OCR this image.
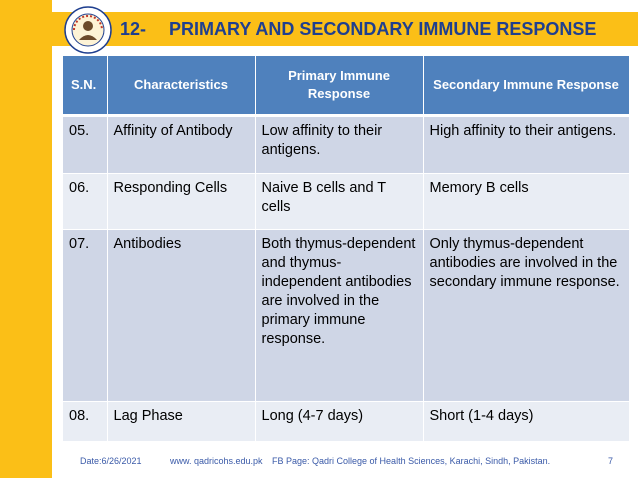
12- PRIMARY AND SECONDARY IMMUNE RESPONSE
S.N.	Characteristics	Primary Immune Response	Secondary Immune Response
05.	Affinity of Antibody	Low affinity to their antigens.	High affinity to their antigens.
06.	Responding Cells	Naive B cells and T cells	Memory B cells
07.	Antibodies	Both thymus-dependent and thymus-independent antibodies are involved in the primary immune response.	Only thymus-dependent antibodies are involved in the secondary immune response.
08.	Lag Phase	Long (4-7 days)	Short (1-4 days)
Date:6/26/2021	www. qadricohs.edu.pk FB Page: Qadri College of Health Sciences, Karachi, Sindh, Pakistan.	7
